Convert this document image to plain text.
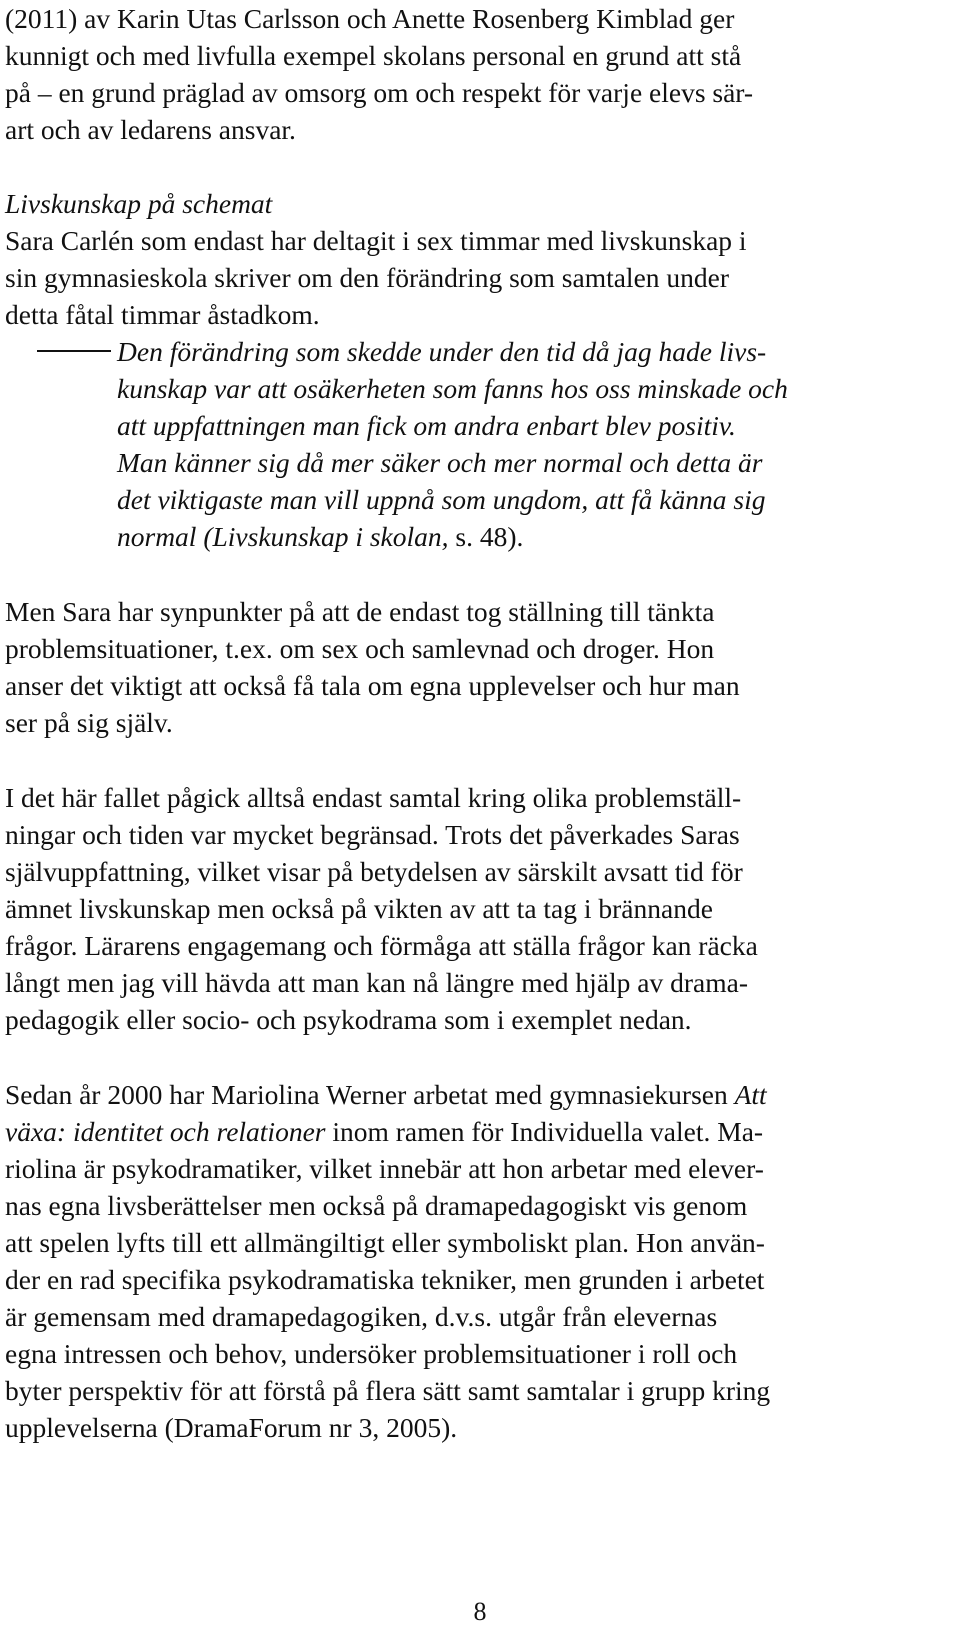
(2011) av Karin Utas Carlsson och Anette Rosenberg Kimblad ger
kunnigt och med livfulla exempel skolans personal en grund att stå
på – en grund präglad av omsorg om och respekt för varje elevs sär-
art och av ledarens ansvar.
Livskunskap på schemat
Sara Carlén som endast har deltagit i sex timmar med livskunskap i
sin gymnasieskola skriver om den förändring som samtalen under
detta fåtal timmar åstadkom.
Den förändring som skedde under den tid då jag hade livs-
kunskap var att osäkerheten som fanns hos oss minskade och
att uppfattningen man fick om andra enbart blev positiv.
Man känner sig då mer säker och mer normal och detta är
det viktigaste man vill uppnå som ungdom, att få känna sig
normal (Livskunskap i skolan, s. 48).
Men Sara har synpunkter på att de endast tog ställning till tänkta
problemsituationer, t.ex. om sex och samlevnad och droger. Hon
anser det viktigt att också få tala om egna upplevelser och hur man
ser på sig själv.
I det här fallet pågick alltså endast samtal kring olika problemställ-
ningar och tiden var mycket begränsad. Trots det påverkades Saras
självuppfattning, vilket visar på betydelsen av särskilt avsatt tid för
ämnet livskunskap men också på vikten av att ta tag i brännande
frågor. Lärarens engagemang och förmåga att ställa frågor kan räcka
långt men jag vill hävda att man kan nå längre med hjälp av drama-
pedagogik eller socio- och psykodrama som i exemplet nedan.
Sedan år 2000 har Mariolina Werner arbetat med gymnasiekursen Att
växa: identitet och relationer inom ramen för Individuella valet. Ma-
riolina är psykodramatiker, vilket innebär att hon arbetar med elever-
nas egna livsberättelser men också på dramapedagogiskt vis genom
att spelen lyfts till ett allmängiltigt eller symboliskt plan. Hon använ-
der en rad specifika psykodramatiska tekniker, men grunden i arbetet
är gemensam med dramapedagogiken, d.v.s. utgår från elevernas
egna intressen och behov, undersöker problemsituationer i roll och
byter perspektiv för att förstå på flera sätt samt samtalar i grupp kring
upplevelserna (DramaForum nr 3, 2005).
8
